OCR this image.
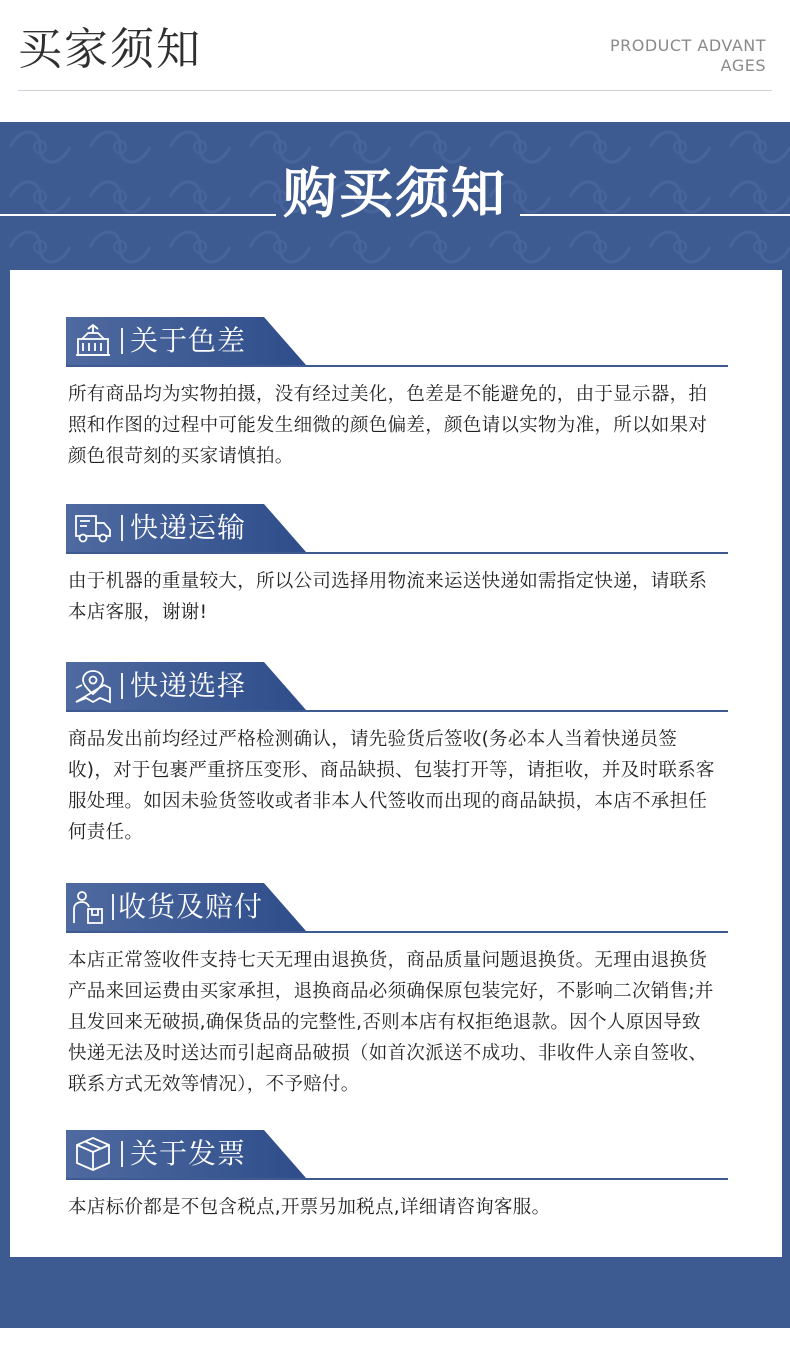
买家须知	PRODUCT ADVANTAGES
购买须知
关于色差
所有商品均为实物拍摄，没有经过美化，色差是不能避免的，由于显示器，拍照和作图的过程中可能发生细微的颜色偏差，颜色请以实物为准，所以如果对颜色很苛刻的买家请慎拍。
快递运输
由于机器的重量较大，所以公司选择用物流来运送快递如需指定快递，请联系本店客服，谢谢!
快递选择
商品发出前均经过严格检测确认，请先验货后签收(务必本人当着快递员签收)，对于包裹严重挤压变形、商品缺损、包装打开等，请拒收，并及时联系客服处理。如因未验货签收或者非本人代签收而出现的商品缺损，本店不承担任何责任。
收货及赔付
本店正常签收件支持七天无理由退换货，商品质量问题退换货。无理由退换货产品来回运费由买家承担，退换商品必须确保原包装完好，不影响二次销售;并且发回来无破损,确保货品的完整性,否则本店有权拒绝退款。因个人原因导致快递无法及时送达而引起商品破损（如首次派送不成功、非收件人亲自签收、联系方式无效等情况），不予赔付。
关于发票
本店标价都是不包含税点,开票另加税点,详细请咨询客服。
